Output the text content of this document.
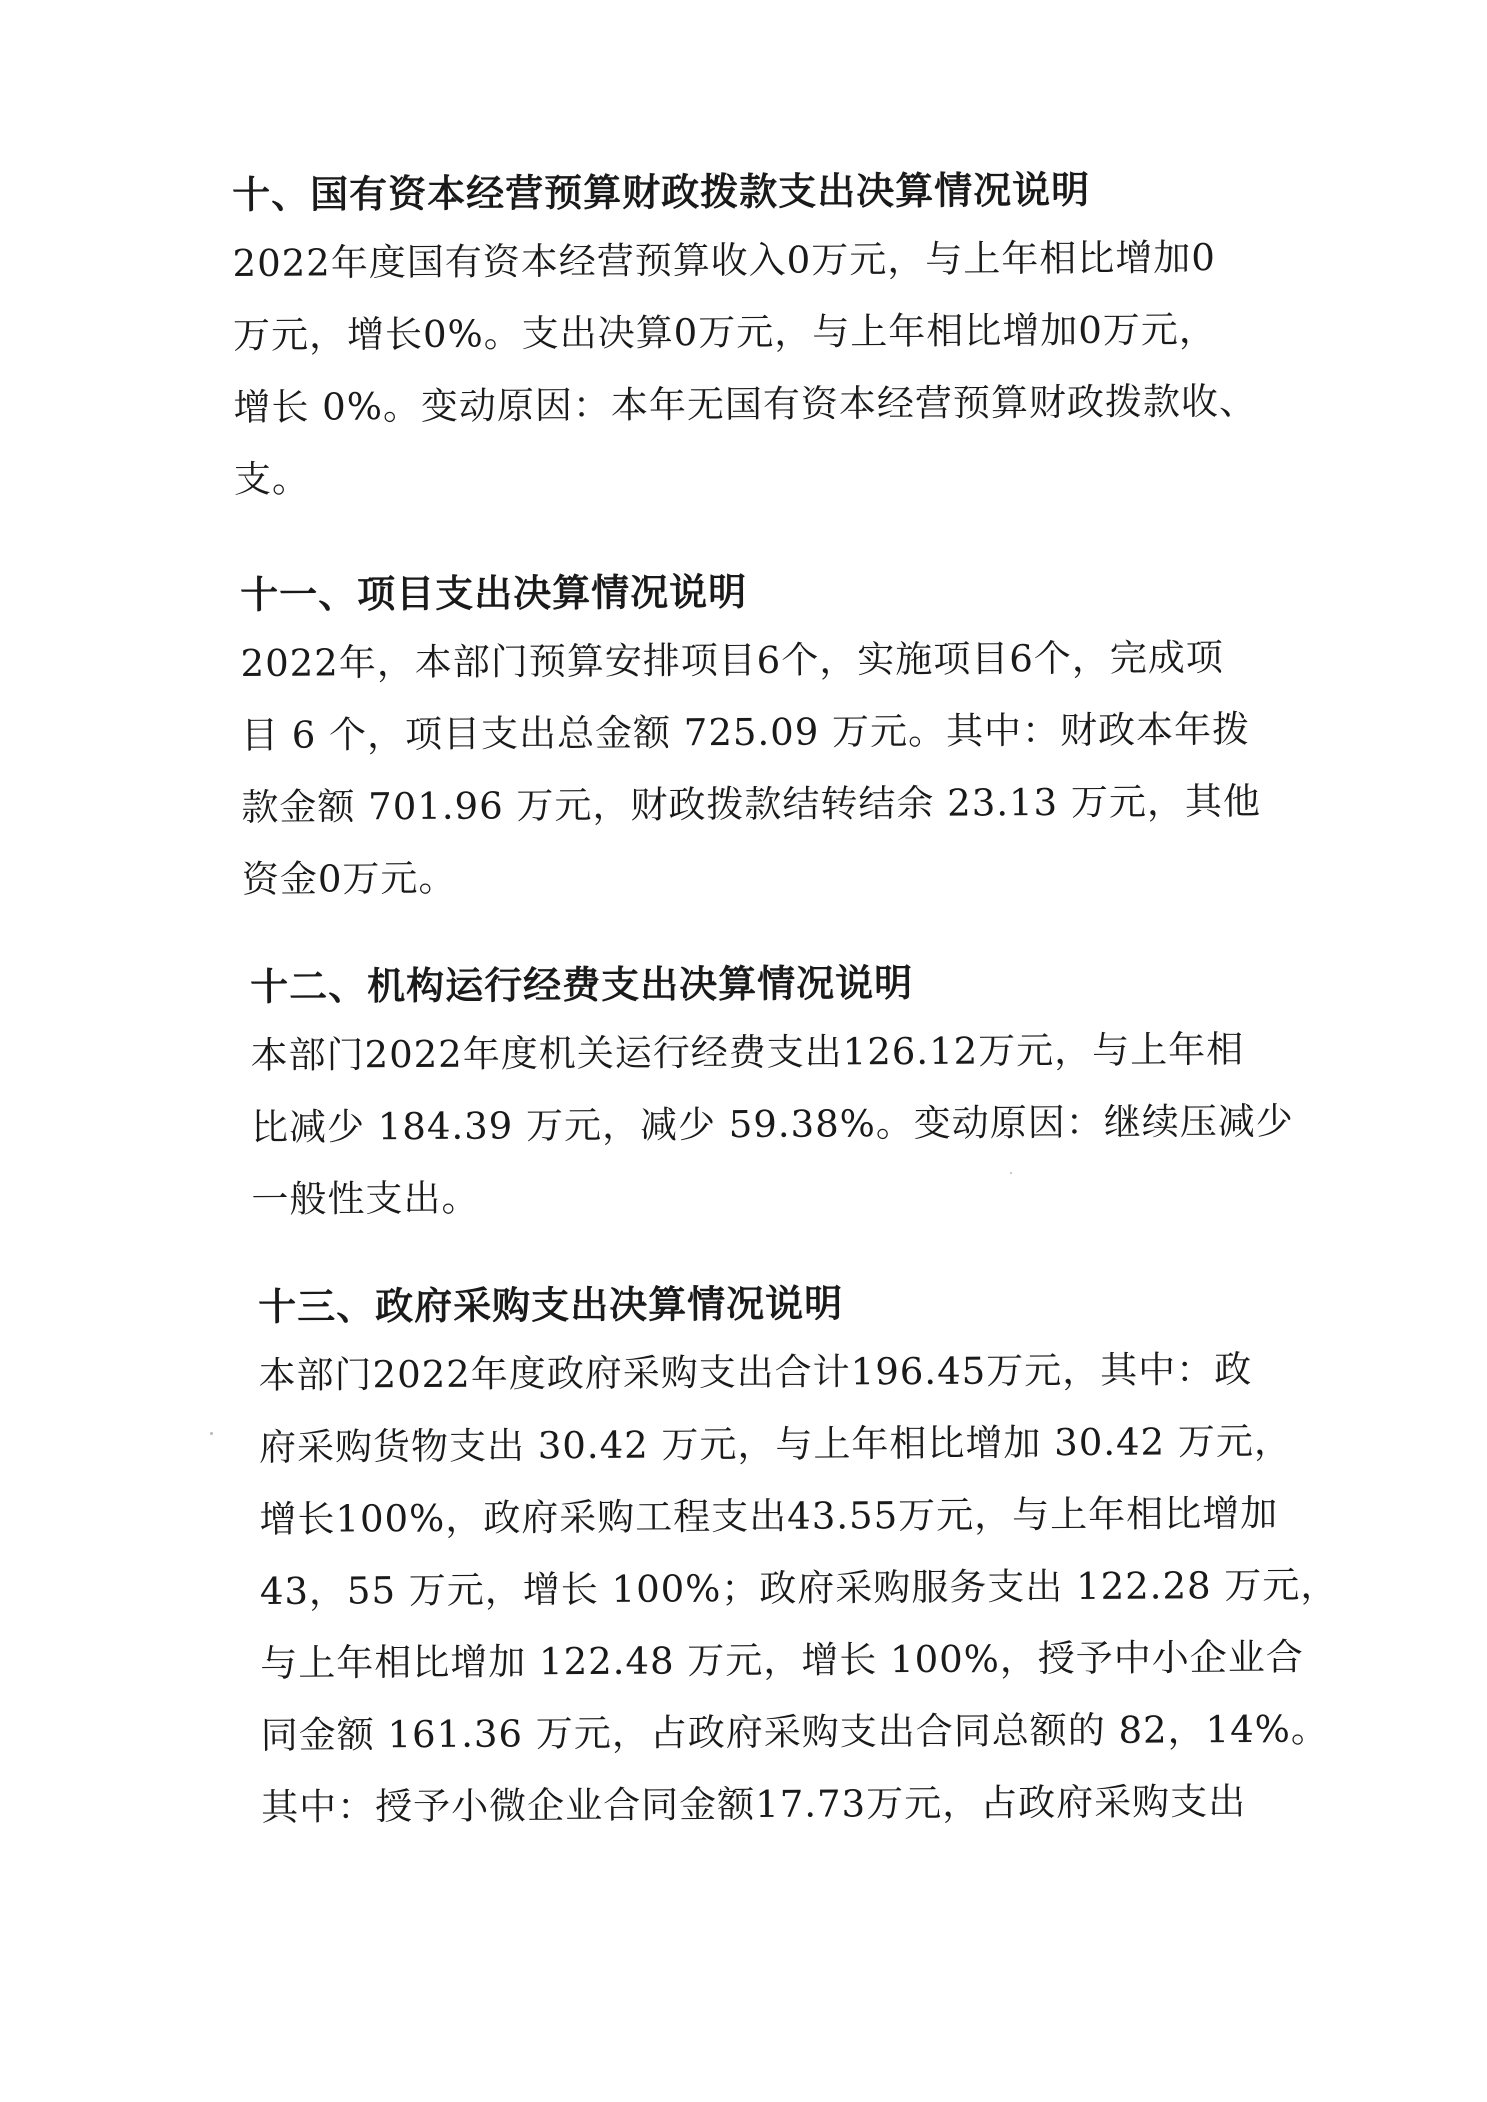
十、国有资本经营预算财政拨款支出决算情况说明

2022年度国有资本经营预算收入0万元，与上年相比增加0
万元，增长0%。支出决算0万元，与上年相比增加0万元，
增长 0%。变动原因：本年无国有资本经营预算财政拨款收、
支。

十一、项目支出决算情况说明

2022年，本部门预算安排项目6个，实施项目6个，完成项
目 6 个，项目支出总金额 725.09 万元。其中：财政本年拨
款金额 701.96 万元，财政拨款结转结余 23.13 万元，其他
资金0万元。

十二、机构运行经费支出决算情况说明

本部门2022年度机关运行经费支出126.12万元，与上年相
比减少 184.39 万元，减少 59.38%。变动原因：继续压减少
一般性支出。

十三、政府采购支出决算情况说明

本部门2022年度政府采购支出合计196.45万元，其中：政
府采购货物支出 30.42 万元，与上年相比增加 30.42 万元，
增长100%，政府采购工程支出43.55万元，与上年相比增加
43，55 万元，增长 100%；政府采购服务支出 122.28 万元，
与上年相比增加 122.48 万元，增长 100%，授予中小企业合
同金额 161.36 万元，占政府采购支出合同总额的 82，14%。
其中：授予小微企业合同金额17.73万元，占政府采购支出
